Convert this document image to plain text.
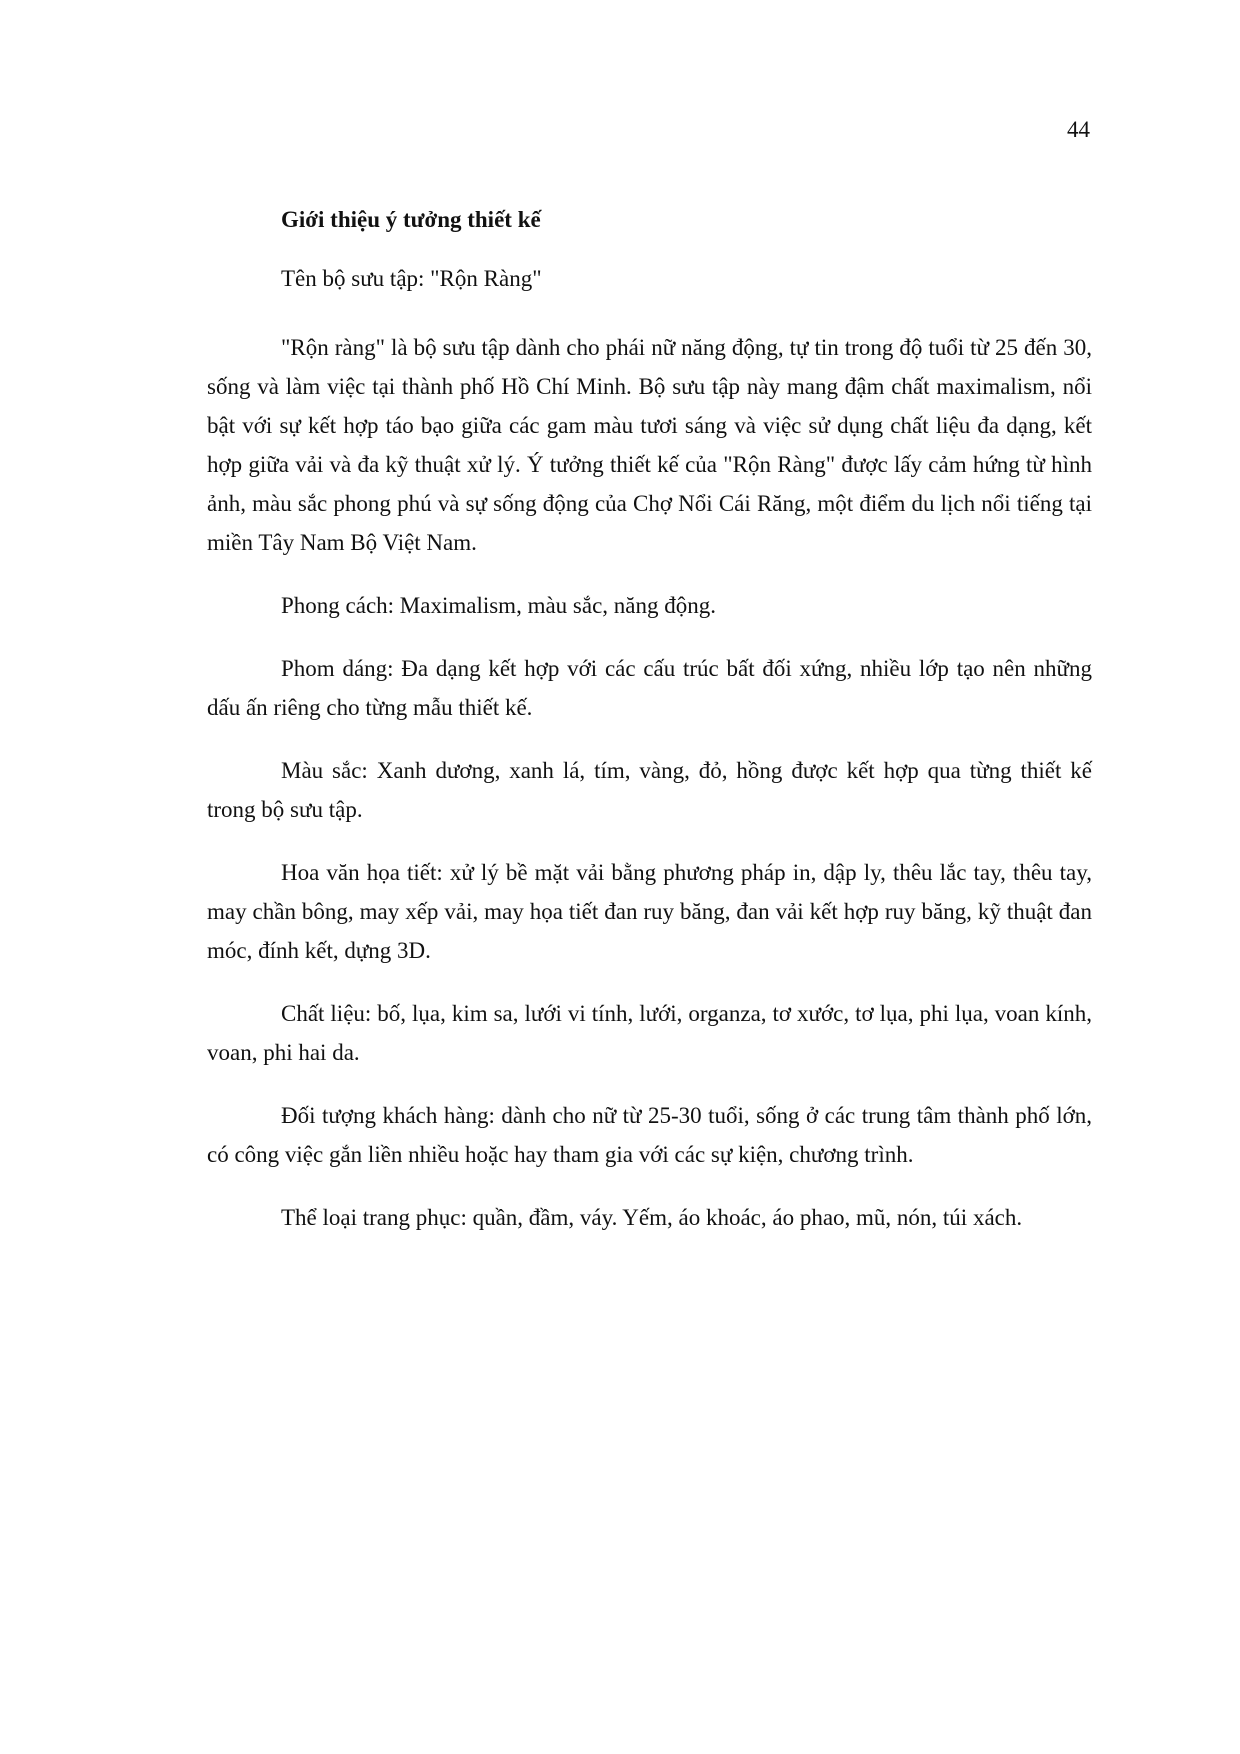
44
Giới thiệu ý tưởng thiết kế

Tên bộ sưu tập: "Rộn Ràng"

"Rộn ràng" là bộ sưu tập dành cho phái nữ năng động, tự tin trong độ tuổi từ 25 đến 30, sống và làm việc tại thành phố Hồ Chí Minh. Bộ sưu tập này mang đậm chất maximalism, nổi bật với sự kết hợp táo bạo giữa các gam màu tươi sáng và việc sử dụng chất liệu đa dạng, kết hợp giữa vải và đa kỹ thuật xử lý. Ý tưởng thiết kế của "Rộn Ràng" được lấy cảm hứng từ hình ảnh, màu sắc phong phú và sự sống động của Chợ Nổi Cái Răng, một điểm du lịch nổi tiếng tại miền Tây Nam Bộ Việt Nam.

Phong cách: Maximalism, màu sắc, năng động.

Phom dáng: Đa dạng kết hợp với các cấu trúc bất đối xứng, nhiều lớp tạo nên những dấu ấn riêng cho từng mẫu thiết kế.

Màu sắc: Xanh dương, xanh lá, tím, vàng, đỏ, hồng được kết hợp qua từng thiết kế trong bộ sưu tập.

Hoa văn họa tiết: xử lý bề mặt vải bằng phương pháp in, dập ly, thêu lắc tay, thêu tay, may chần bông, may xếp vải, may họa tiết đan ruy băng, đan vải kết hợp ruy băng, kỹ thuật đan móc, đính kết, dựng 3D.

Chất liệu: bố, lụa, kim sa, lưới vi tính, lưới, organza, tơ xước, tơ lụa, phi lụa, voan kính, voan, phi hai da.

Đối tượng khách hàng: dành cho nữ từ 25-30 tuổi, sống ở các trung tâm thành phố lớn, có công việc gắn liền nhiều hoặc hay tham gia với các sự kiện, chương trình.

Thể loại trang phục: quần, đầm, váy. Yếm, áo khoác, áo phao, mũ, nón, túi xách.
